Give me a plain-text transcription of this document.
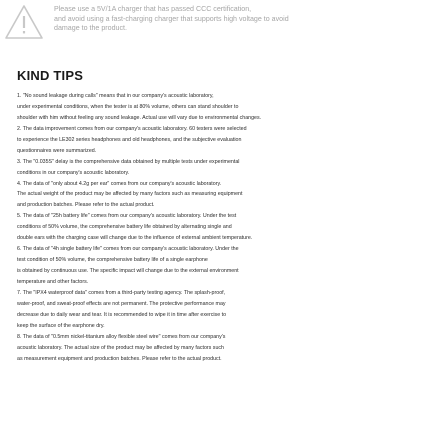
Please use a 5V/1A charger that has passed CCC certification,
and avoid using a fast-charging charger that supports high voltage to avoid
damage to the product.
KIND TIPS
1. "No sound leakage during calls" means that in our company's acoustic laboratory,
under experimental conditions, when the tester is at 80% volume, others can stand shoulder to
shoulder with him without feeling any sound leakage. Actual use will vary due to environmental changes.
2. The data improvement comes from our company's acoustic laboratory. 60 testers were selected
to experience the LE302 series headphones and old headphones, and the subjective evaluation
questionnaires were summarized.
3. The "0.035S" delay is the comprehensive data obtained by multiple tests under experimental
conditions in our company's acoustic laboratory.
4. The data of "only about 4.2g per ear" comes from our company's acoustic laboratory.
The actual weight of the product may be affected by many factors such as measuring equipment
and production batches. Please refer to the actual product.
5. The data of "25h battery life" comes from our company's acoustic laboratory. Under the test
conditions of 50% volume, the comprehensive battery life obtained by alternating single and
double ears with the charging case will change due to the influence of external ambient temperature.
6. The data of "4h single battery life" comes from our company's acoustic laboratory. Under the
test condition of 50% volume, the comprehensive battery life of a single earphone
is obtained by continuous use. The specific impact will change due to the external environment
temperature and other factors.
7. The "IPX4 waterproof data" comes from a third-party testing agency. The splash-proof,
water-proof, and sweat-proof effects are not permanent. The protective performance may
decrease due to daily wear and tear. It is recommended to wipe it in time after exercise to
keep the surface of the earphone dry.
8. The data of "0.5mm nickel-titanium alloy flexible steel wire" comes from our company's
acoustic laboratory. The actual size of the product may be affected by many factors such
as measurement equipment and production batches. Please refer to the actual product.
